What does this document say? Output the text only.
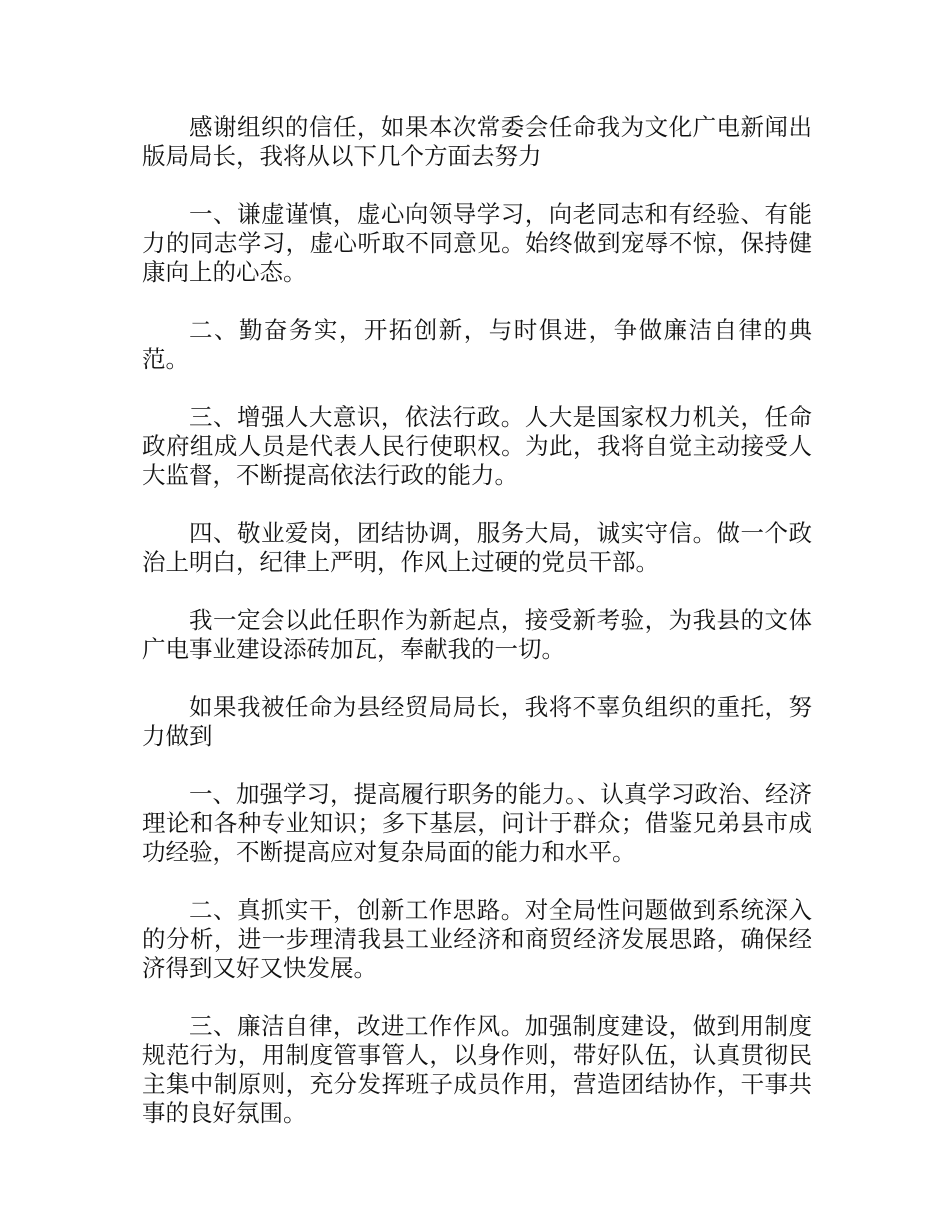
感谢组织的信任，如果本次常委会任命我为文化广电新闻出版局局长，我将从以下几个方面去努力

一、谦虚谨慎，虚心向领导学习，向老同志和有经验、有能力的同志学习，虚心听取不同意见。始终做到宠辱不惊，保持健康向上的心态。

二、勤奋务实，开拓创新，与时俱进，争做廉洁自律的典范。

三、增强人大意识，依法行政。人大是国家权力机关，任命政府组成人员是代表人民行使职权。为此，我将自觉主动接受人大监督，不断提高依法行政的能力。

四、敬业爱岗，团结协调，服务大局，诚实守信。做一个政治上明白，纪律上严明，作风上过硬的党员干部。

我一定会以此任职作为新起点，接受新考验，为我县的文体广电事业建设添砖加瓦，奉献我的一切。

如果我被任命为县经贸局局长，我将不辜负组织的重托，努力做到

一、加强学习，提高履行职务的能力。、认真学习政治、经济理论和各种专业知识；多下基层，问计于群众；借鉴兄弟县市成功经验，不断提高应对复杂局面的能力和水平。

二、真抓实干，创新工作思路。对全局性问题做到系统深入的分析，进一步理清我县工业经济和商贸经济发展思路，确保经济得到又好又快发展。

三、廉洁自律，改进工作作风。加强制度建设，做到用制度规范行为，用制度管事管人，以身作则，带好队伍，认真贯彻民主集中制原则，充分发挥班子成员作用，营造团结协作，干事共事的良好氛围。
